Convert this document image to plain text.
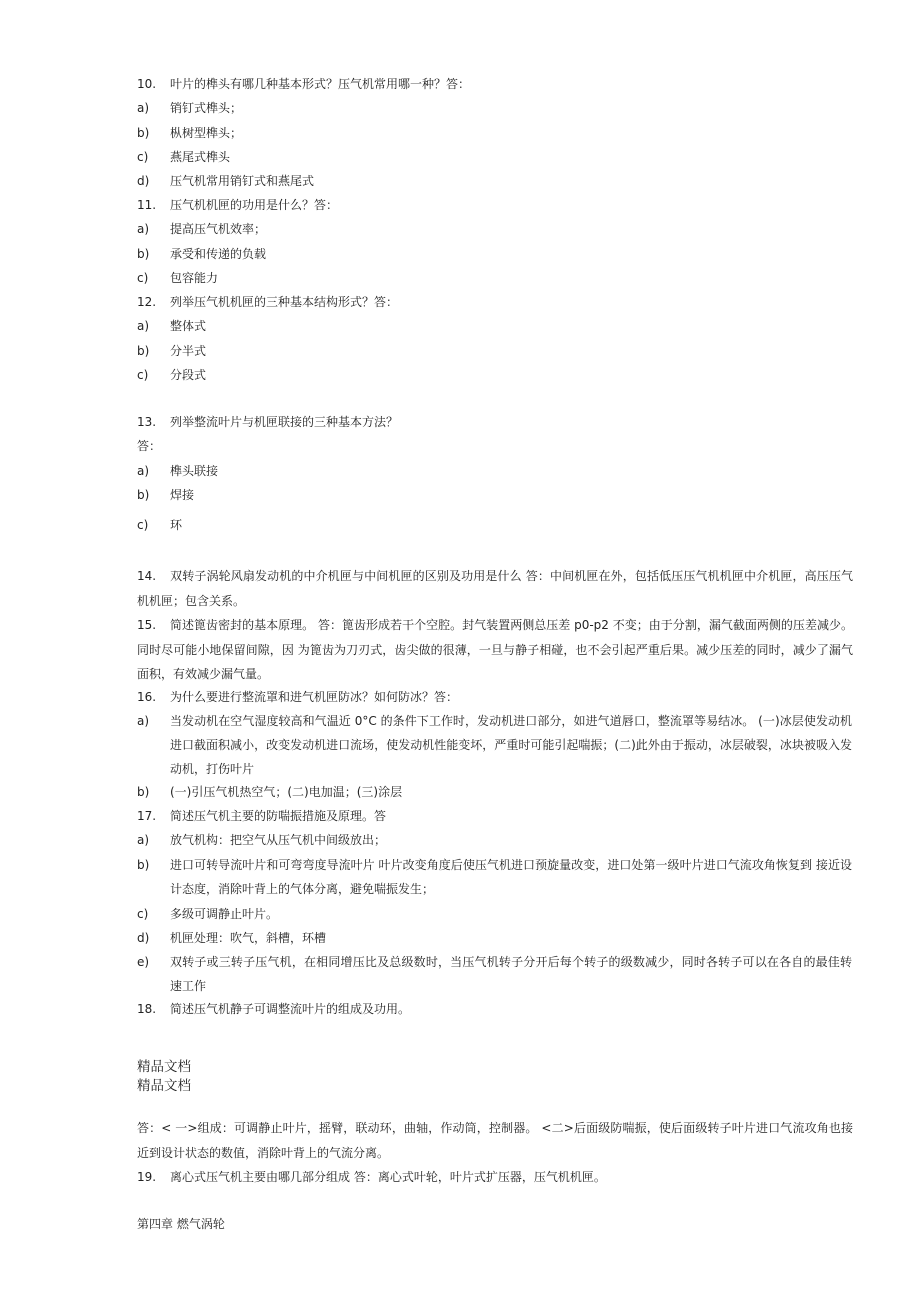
10. 叶片的榫头有哪几种基本形式？压气机常用哪一种？答：
a) 销钉式榫头；
b) 枞树型榫头；
c) 燕尾式榫头
d) 压气机常用销钉式和燕尾式
11. 压气机机匣的功用是什么？答：
a) 提高压气机效率；
b) 承受和传递的负载
c) 包容能力
12. 列举压气机机匣的三种基本结构形式？答：
a) 整体式
b) 分半式
c) 分段式
13. 列举整流叶片与机匣联接的三种基本方法？
答：
a) 榫头联接
b) 焊接
c) 环
14. 双转子涡轮风扇发动机的中介机匣与中间机匣的区别及功用是什么 答：中间机匣在外，包括低压压气机机匣中介机匣，高压压气机机匣；包含关系。
15. 简述篦齿密封的基本原理。 答：篦齿形成若干个空腔。封气装置两侧总压差 p0-p2 不变；由于分割，漏气截面两侧的压差减少。同时尽可能小地保留间隙，因 为篦齿为刀刃式，齿尖做的很薄，一旦与静子相碰，也不会引起严重后果。减少压差的同时，减少了漏气面积，有效减少漏气量。
16. 为什么要进行整流罩和进气机匣防冰？如何防冰？答：
a) 当发动机在空气湿度较高和气温近 0°C 的条件下工作时，发动机进口部分，如进气道唇口，整流罩等易结冰。 (一)冰层使发动机进口截面积减小，改变发动机进口流场，使发动机性能变坏，严重时可能引起喘振；(二)此外由于振动，冰层破裂，冰块被吸入发动机，打伤叶片
b) (一)引压气机热空气；(二)电加温；(三)涂层
17. 简述压气机主要的防喘振措施及原理。答
a) 放气机构：把空气从压气机中间级放出；
b) 进口可转导流叶片和可弯弯度导流叶片 叶片改变角度后使压气机进口预旋量改变，进口处第一级叶片进口气流攻角恢复到 接近设计态度，消除叶背上的气体分离，避免喘振发生；
c) 多级可调静止叶片。
d) 机匣处理：吹气，斜槽，环槽
e) 双转子或三转子压气机，在相同增压比及总级数时，当压气机转子分开后每个转子的级数减少，同时各转子可以在各自的最佳转速工作
18. 简述压气机静子可调整流叶片的组成及功用。
精品文档
精品文档
答：< 一>组成：可调静止叶片，摇臂，联动环，曲轴，作动筒，控制器。 <二>后面级防喘振，使后面级转子叶片进口气流攻角也接 近到设计状态的数值，消除叶背上的气流分离。
19. 离心式压气机主要由哪几部分组成 答：离心式叶轮，叶片式扩压器，压气机机匣。
第四章 燃气涡轮
